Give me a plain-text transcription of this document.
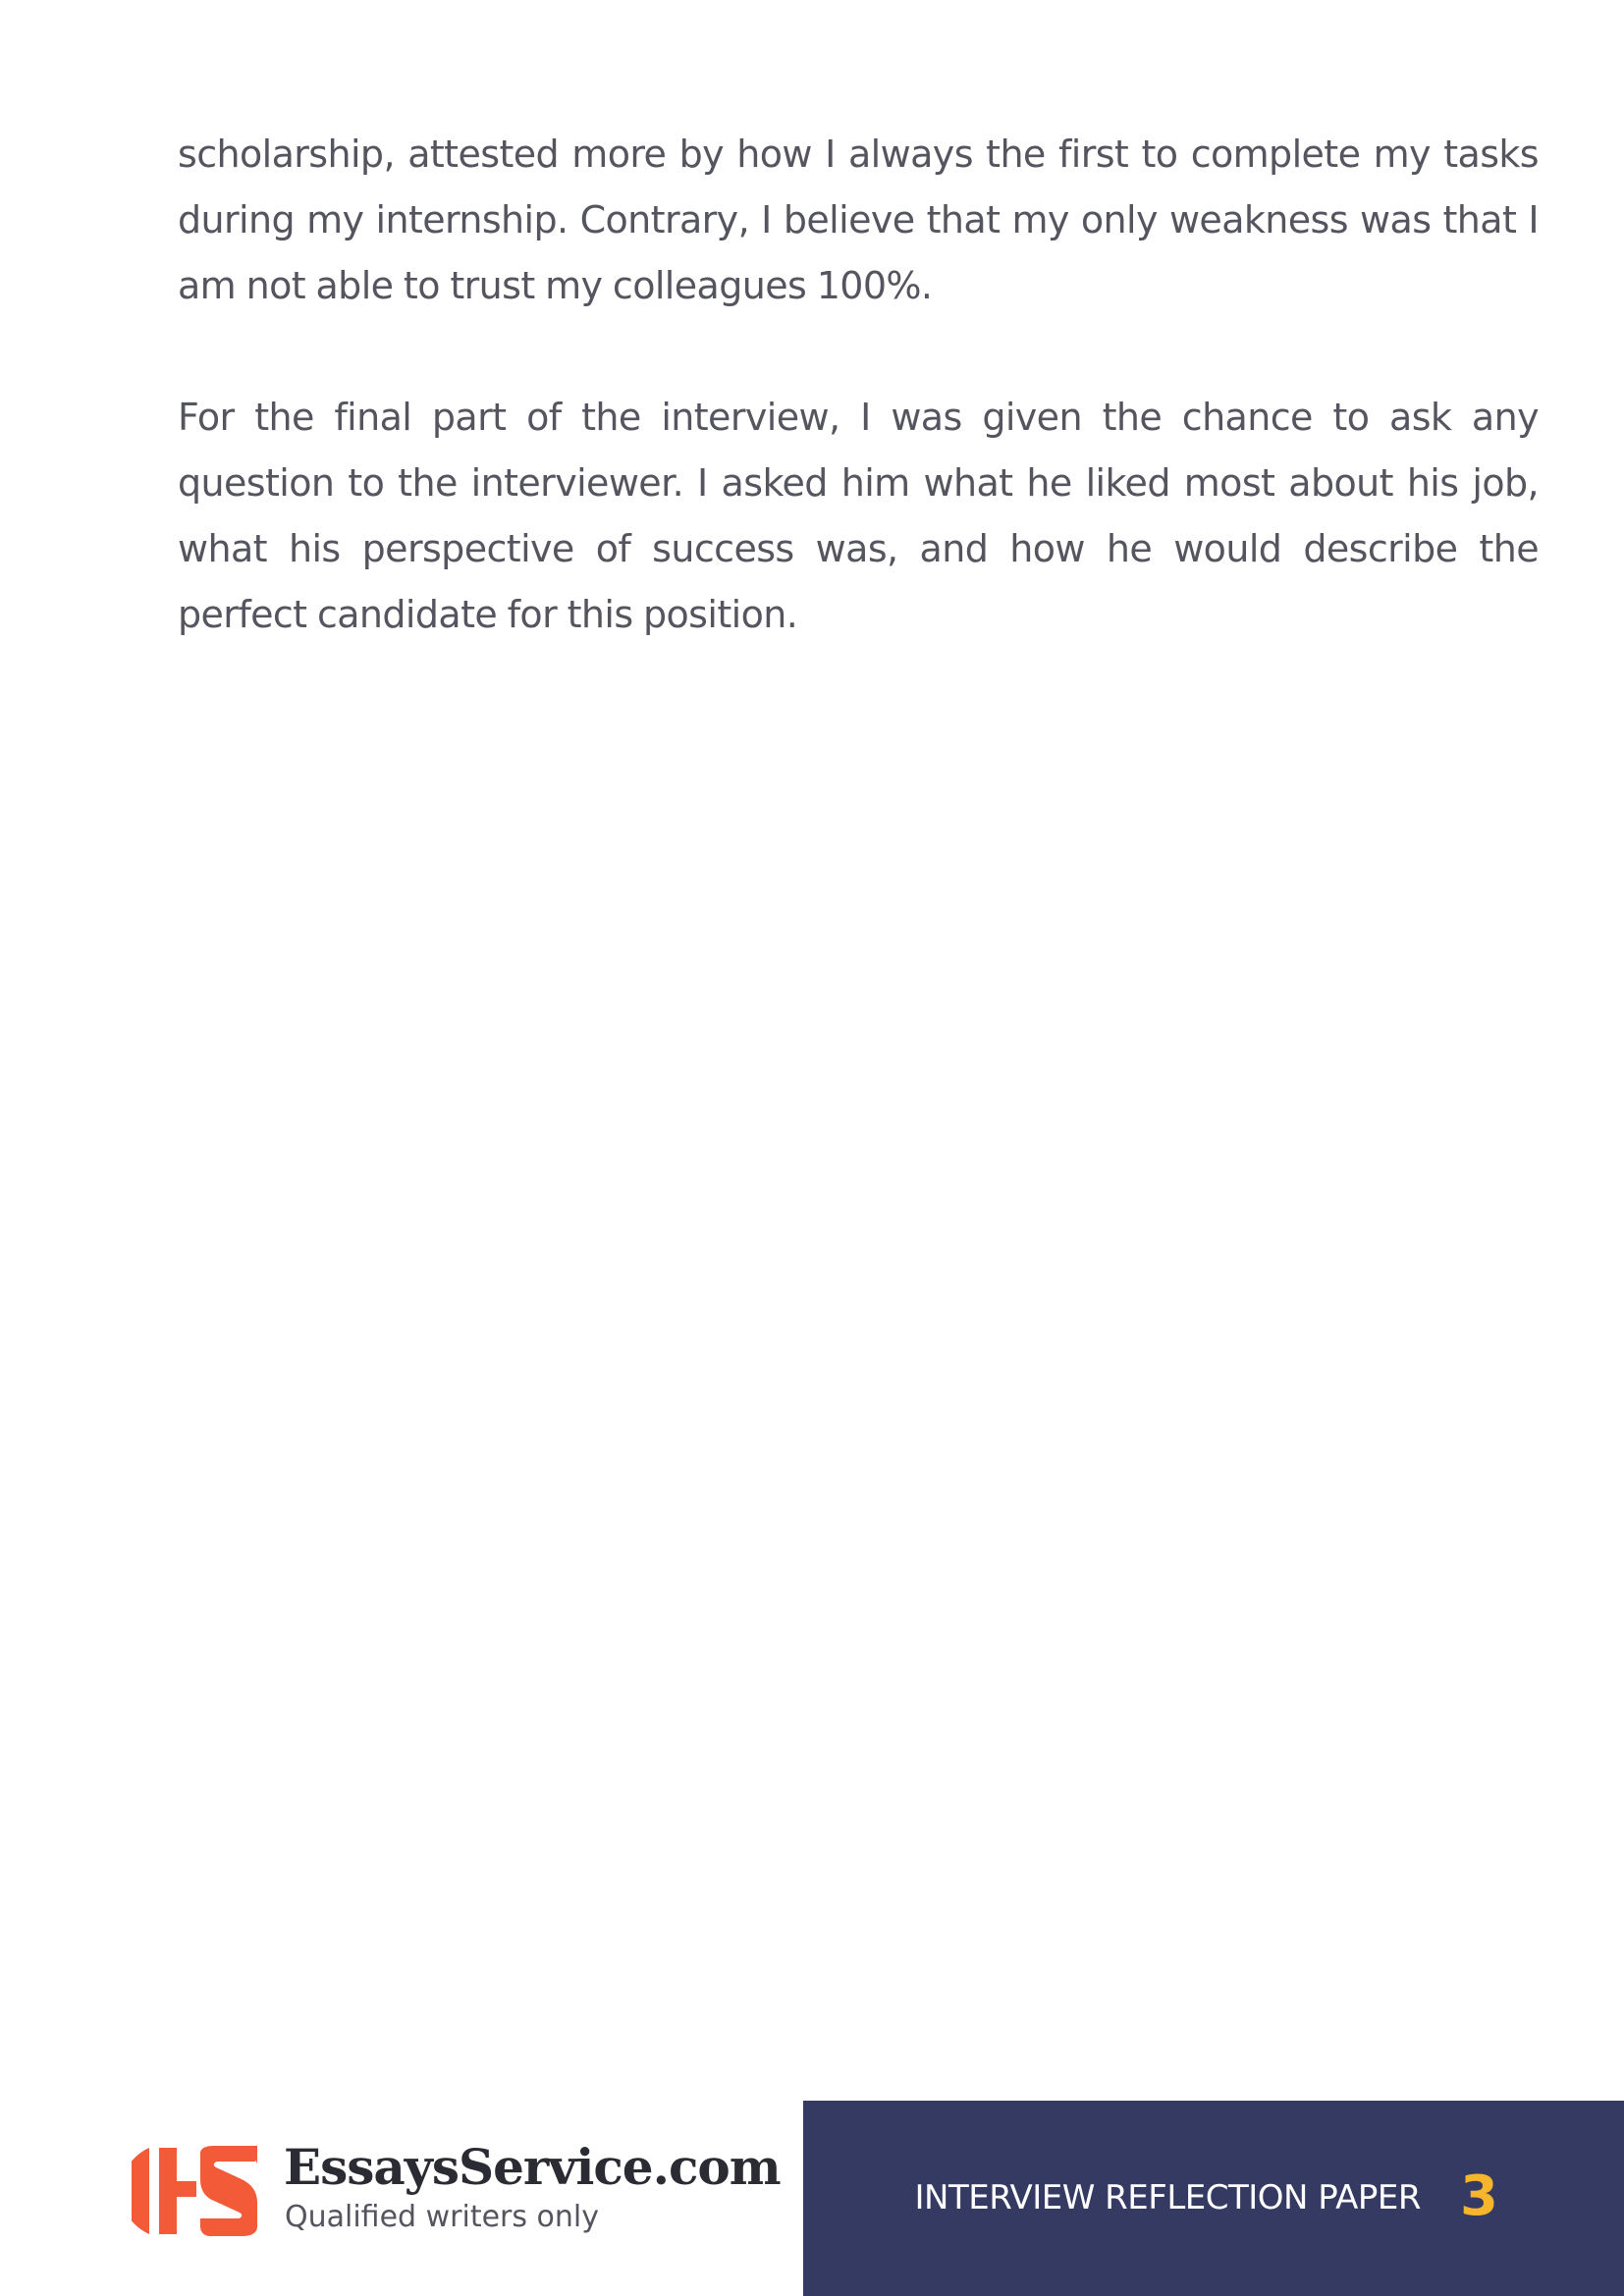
scholarship, attested more by how I always the first to complete my tasks during my internship. Contrary, I believe that my only weakness was that I am not able to trust my colleagues 100%.

For the final part of the interview, I was given the chance to ask any question to the interviewer. I asked him what he liked most about his job, what his perspective of success was, and how he would describe the perfect candidate for this position.

EssaysService.com
Qualified writers only	INTERVIEW REFLECTION PAPER 3
